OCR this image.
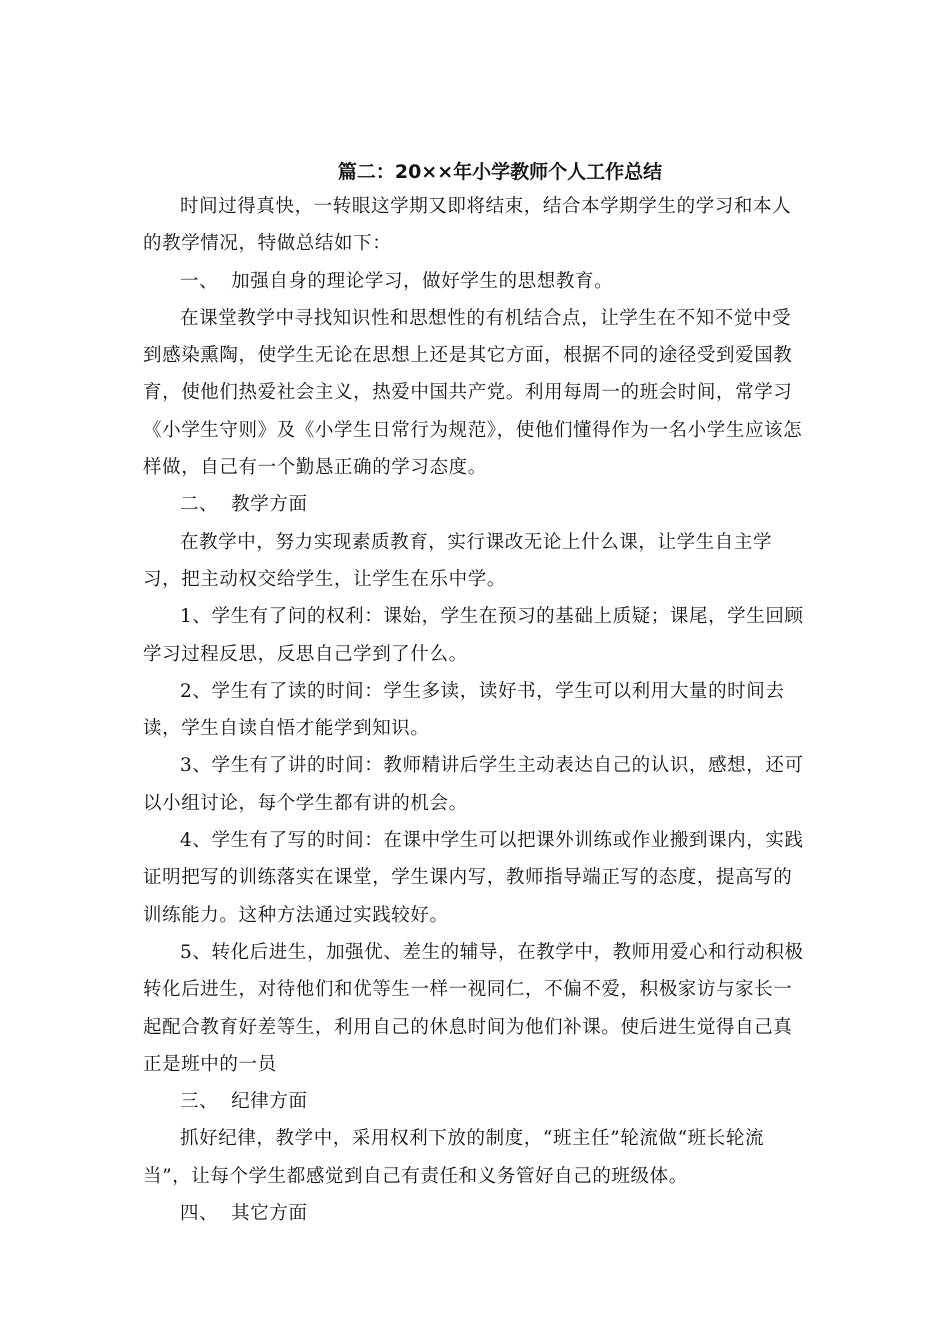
篇二：20××年小学教师个人工作总结

时间过得真快，一转眼这学期又即将结束，结合本学期学生的学习和本人的教学情况，特做总结如下：

一、  加强自身的理论学习，做好学生的思想教育。

在课堂教学中寻找知识性和思想性的有机结合点，让学生在不知不觉中受到感染熏陶，使学生无论在思想上还是其它方面，根据不同的途径受到爱国教育，使他们热爱社会主义，热爱中国共产党。利用每周一的班会时间，常学习《小学生守则》及《小学生日常行为规范》，使他们懂得作为一名小学生应该怎样做，自己有一个勤恳正确的学习态度。

二、  教学方面

在教学中，努力实现素质教育，实行课改无论上什么课，让学生自主学习，把主动权交给学生，让学生在乐中学。

1、学生有了问的权利：课始，学生在预习的基础上质疑；课尾，学生回顾学习过程反思，反思自己学到了什么。

2、学生有了读的时间：学生多读，读好书，学生可以利用大量的时间去读，学生自读自悟才能学到知识。

3、学生有了讲的时间：教师精讲后学生主动表达自己的认识，感想，还可以小组讨论，每个学生都有讲的机会。

4、学生有了写的时间：在课中学生可以把课外训练或作业搬到课内，实践证明把写的训练落实在课堂，学生课内写，教师指导端正写的态度，提高写的训练能力。这种方法通过实践较好。

5、转化后进生，加强优、差生的辅导，在教学中，教师用爱心和行动积极转化后进生，对待他们和优等生一样一视同仁，不偏不爱，积极家访与家长一起配合教育好差等生，利用自己的休息时间为他们补课。使后进生觉得自己真正是班中的一员

三、  纪律方面

抓好纪律，教学中，采用权利下放的制度，“班主任”轮流做“班长轮流当”，让每个学生都感觉到自己有责任和义务管好自己的班级体。

四、  其它方面
